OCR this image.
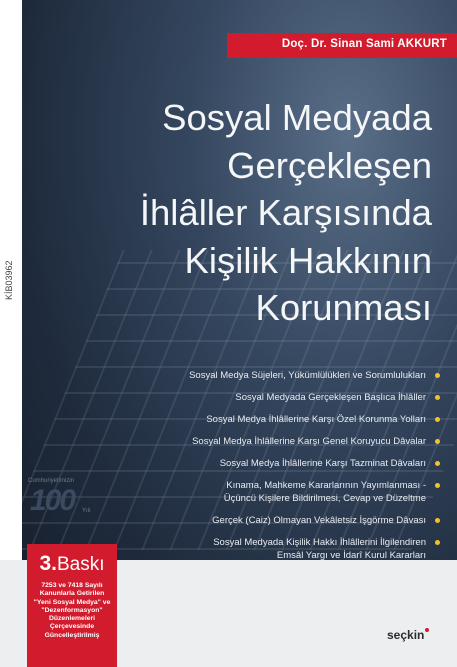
Doç. Dr. Sinan Sami AKKURT
Sosyal Medyada
Gerçekleşen
İhlâller Karşısında
Kişilik Hakkının
Korunması
KİB03962
Sosyal Medya Süjeleri, Yükümlülükleri ve Sorumlulukları
Sosyal Medyada Gerçekleşen Başlıca İhlâller
Sosyal Medya İhlâllerine Karşı Özel Korunma Yolları
Sosyal Medya İhlâllerine Karşı Genel Koruyucu Dâvalar
Sosyal Medya İhlâllerine Karşı Tazminat Dâvaları
Kınama, Mahkeme Kararlarının Yayımlanması -
Üçüncü Kişilere Bildirilmesi, Cevap ve Düzeltme
Gerçek (Caiz) Olmayan Vekâletsiz İşgörme Dâvası
Sosyal Medyada Kişilik Hakkı İhlâllerini İlgilendiren
Emsâl Yargı ve İdarî Kurul Kararları
Cumhuriyetimizin
100 Yılı
3.Baskı
7253 ve 7418 Sayılı Kanunlarla Getirilen "Yeni Sosyal Medya" ve "Dezenformasyon" Düzenlemeleri Çerçevesinde Güncelleştirilmiş	seçkin
